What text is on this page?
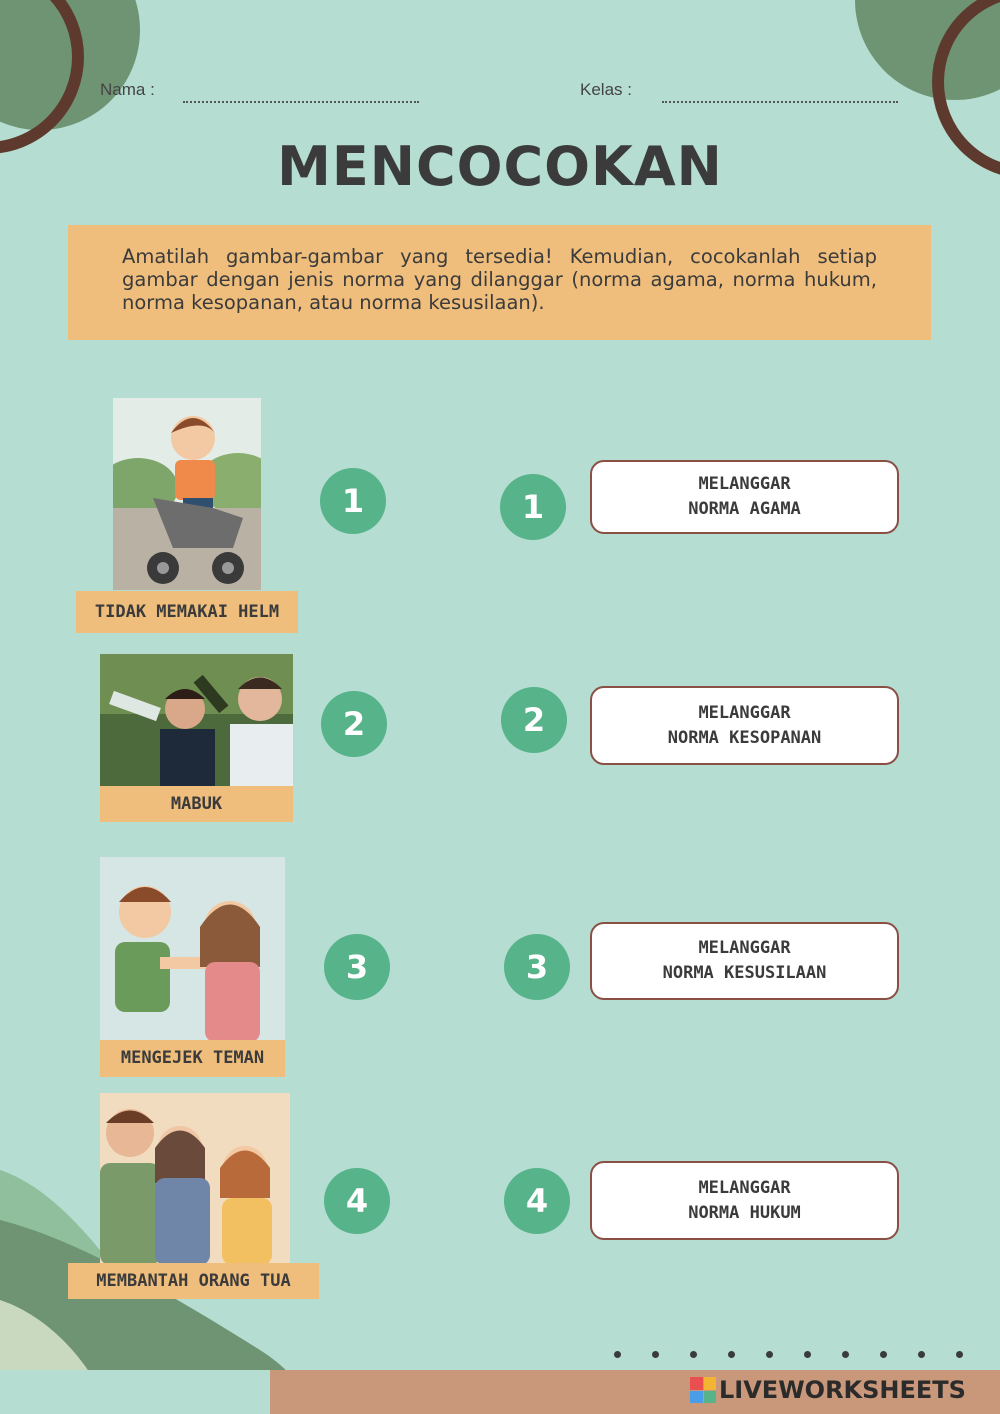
Nama :	Kelas :
MENCOCOKAN
Amatilah gambar-gambar yang tersedia! Kemudian, cocokanlah setiap gambar dengan jenis norma yang dilanggar (norma agama, norma hukum, norma kesopanan, atau norma kesusilaan).
TIDAK MEMAKAI HELM
MABUK
MENGEJEK TEMAN
MEMBANTAH ORANG TUA
1
2
3
4
1
2
3
4
MELANGGAR
NORMA AGAMA
MELANGGAR
NORMA KESOPANAN
MELANGGAR
NORMA KESUSILAAN
MELANGGAR
NORMA HUKUM
LIVEWORKSHEETS
